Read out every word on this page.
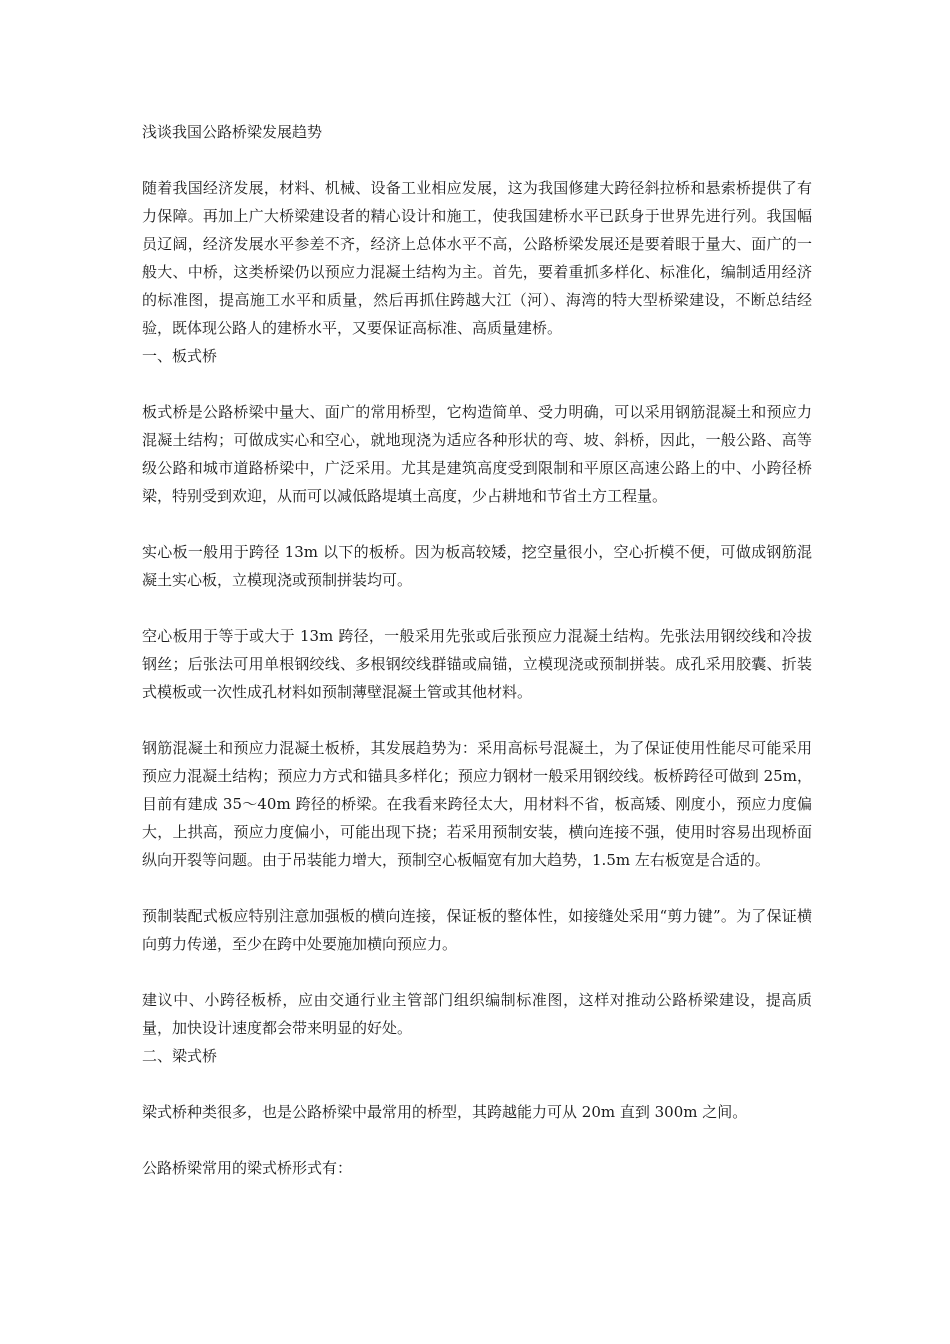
浅谈我国公路桥梁发展趋势

随着我国经济发展，材料、机械、设备工业相应发展，这为我国修建大跨径斜拉桥和悬索桥提供了有力保障。再加上广大桥梁建设者的精心设计和施工，使我国建桥水平已跃身于世界先进行列。我国幅员辽阔，经济发展水平参差不齐，经济上总体水平不高，公路桥梁发展还是要着眼于量大、面广的一般大、中桥，这类桥梁仍以预应力混凝土结构为主。首先，要着重抓多样化、标准化，编制适用经济的标准图，提高施工水平和质量，然后再抓住跨越大江（河）、海湾的特大型桥梁建设，不断总结经验，既体现公路人的建桥水平，又要保证高标准、高质量建桥。

一、板式桥

板式桥是公路桥梁中量大、面广的常用桥型，它构造简单、受力明确，可以采用钢筋混凝土和预应力混凝土结构；可做成实心和空心，就地现浇为适应各种形状的弯、坡、斜桥，因此，一般公路、高等级公路和城市道路桥梁中，广泛采用。尤其是建筑高度受到限制和平原区高速公路上的中、小跨径桥梁，特别受到欢迎，从而可以减低路堤填土高度，少占耕地和节省土方工程量。

实心板一般用于跨径 13m 以下的板桥。因为板高较矮，挖空量很小，空心折模不便，可做成钢筋混凝土实心板，立模现浇或预制拼装均可。

空心板用于等于或大于 13m 跨径，一般采用先张或后张预应力混凝土结构。先张法用钢绞线和冷拔钢丝；后张法可用单根钢绞线、多根钢绞线群锚或扁锚，立模现浇或预制拼装。成孔采用胶囊、折装式模板或一次性成孔材料如预制薄壁混凝土管或其他材料。

钢筋混凝土和预应力混凝土板桥，其发展趋势为：采用高标号混凝土，为了保证使用性能尽可能采用预应力混凝土结构；预应力方式和锚具多样化；预应力钢材一般采用钢绞线。板桥跨径可做到 25m，目前有建成 35～40m 跨径的桥梁。在我看来跨径太大，用材料不省，板高矮、刚度小，预应力度偏大，上拱高，预应力度偏小，可能出现下挠；若采用预制安装，横向连接不强，使用时容易出现桥面纵向开裂等问题。由于吊装能力增大，预制空心板幅宽有加大趋势，1.5m 左右板宽是合适的。

预制装配式板应特别注意加强板的横向连接，保证板的整体性，如接缝处采用“剪力键”。为了保证横向剪力传递，至少在跨中处要施加横向预应力。

建议中、小跨径板桥，应由交通行业主管部门组织编制标准图，这样对推动公路桥梁建设，提高质量，加快设计速度都会带来明显的好处。

二、梁式桥

梁式桥种类很多，也是公路桥梁中最常用的桥型，其跨越能力可从 20m 直到 300m 之间。

公路桥梁常用的梁式桥形式有：
